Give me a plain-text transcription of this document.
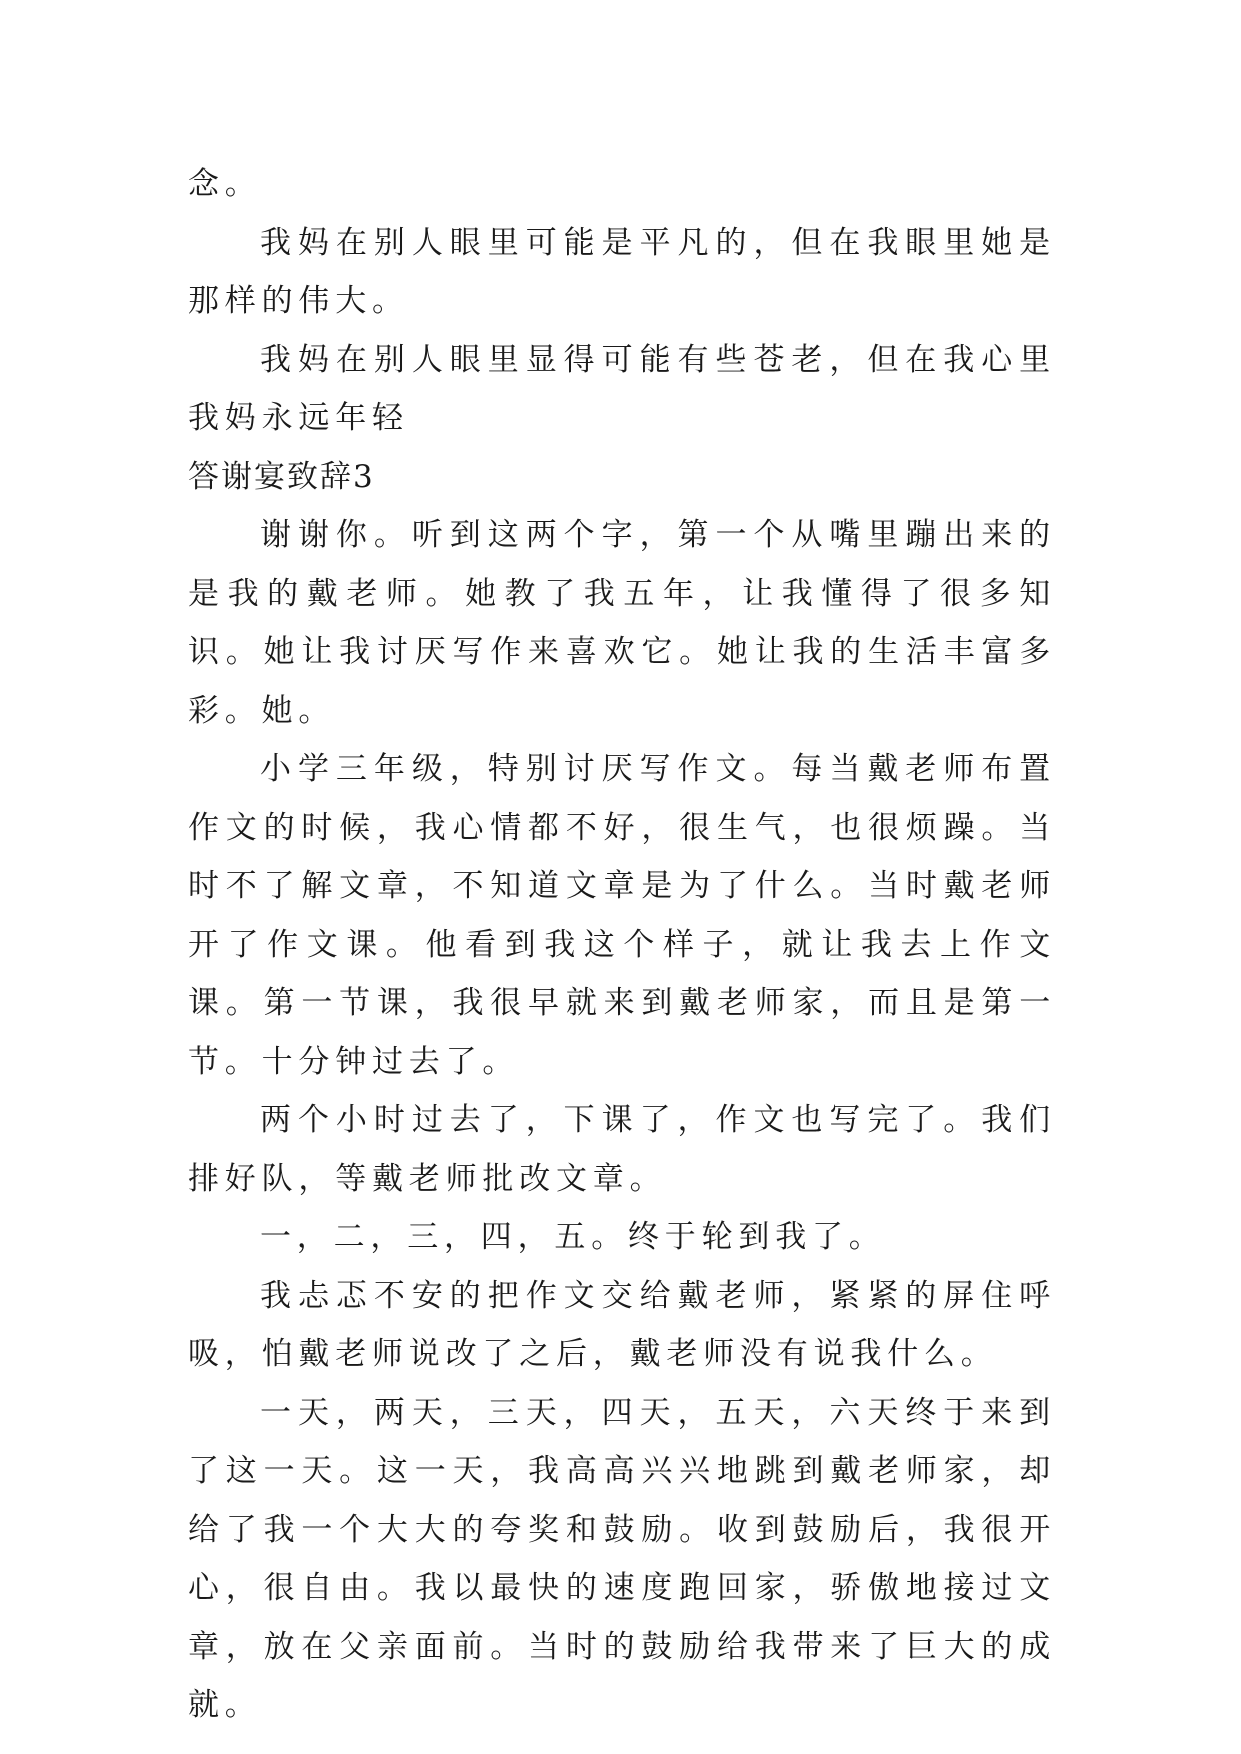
念。

我妈在别人眼里可能是平凡的，但在我眼里她是那样的伟大。

我妈在别人眼里显得可能有些苍老，但在我心里我妈永远年轻

答谢宴致辞3

谢谢你。听到这两个字，第一个从嘴里蹦出来的是我的戴老师。她教了我五年，让我懂得了很多知识。她让我讨厌写作来喜欢它。她让我的生活丰富多彩。她。

小学三年级，特别讨厌写作文。每当戴老师布置作文的时候，我心情都不好，很生气，也很烦躁。当时不了解文章，不知道文章是为了什么。当时戴老师开了作文课。他看到我这个样子，就让我去上作文课。第一节课，我很早就来到戴老师家，而且是第一节。十分钟过去了。

两个小时过去了，下课了，作文也写完了。我们排好队，等戴老师批改文章。

一，二，三，四，五。终于轮到我了。

我忐忑不安的把作文交给戴老师，紧紧的屏住呼吸，怕戴老师说改了之后，戴老师没有说我什么。

一天，两天，三天，四天，五天，六天终于来到了这一天。这一天，我高高兴兴地跳到戴老师家，却给了我一个大大的夸奖和鼓励。收到鼓励后，我很开心，很自由。我以最快的速度跑回家，骄傲地接过文章，放在父亲面前。当时的鼓励给我带来了巨大的成就。
